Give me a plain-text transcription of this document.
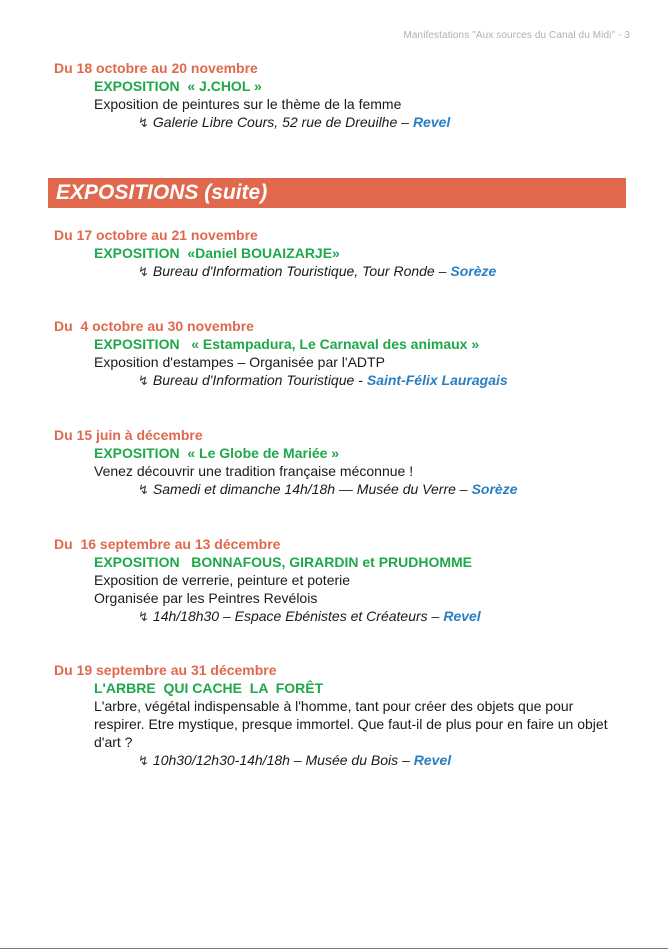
Manifestations "Aux sources du Canal du Midi" - 3
Du 18 octobre au 20 novembre
EXPOSITION  « J.CHOL »
Exposition de peintures sur le thème de la femme
↯ Galerie Libre Cours, 52 rue de Dreuilhe – Revel
EXPOSITIONS (suite)
Du 17 octobre au 21 novembre
EXPOSITION  «Daniel BOUAIZARJE»
↯ Bureau d'Information Touristique, Tour Ronde – Sorèze
Du  4 octobre au 30 novembre
EXPOSITION   « Estampadura, Le Carnaval des animaux »
Exposition d'estampes – Organisée par l'ADTP
↯ Bureau d'Information Touristique - Saint-Félix Lauragais
Du 15 juin à décembre
EXPOSITION  « Le Globe de Mariée »
Venez découvrir une tradition française méconnue !
↯ Samedi et dimanche 14h/18h — Musée du Verre – Sorèze
Du  16 septembre au 13 décembre
EXPOSITION   BONNAFOUS, GIRARDIN et PRUDHOMME
Exposition de verrerie, peinture et poterie
Organisée par les Peintres Revélois
↯ 14h/18h30 – Espace Ebénistes et Créateurs – Revel
Du 19 septembre au 31 décembre
L'ARBRE  QUI CACHE  LA  FORÊT
L'arbre, végétal indispensable à l'homme, tant pour créer des objets que pour respirer. Etre mystique, presque immortel. Que faut-il de plus pour en faire un objet d'art ?
↯ 10h30/12h30-14h/18h – Musée du Bois – Revel
